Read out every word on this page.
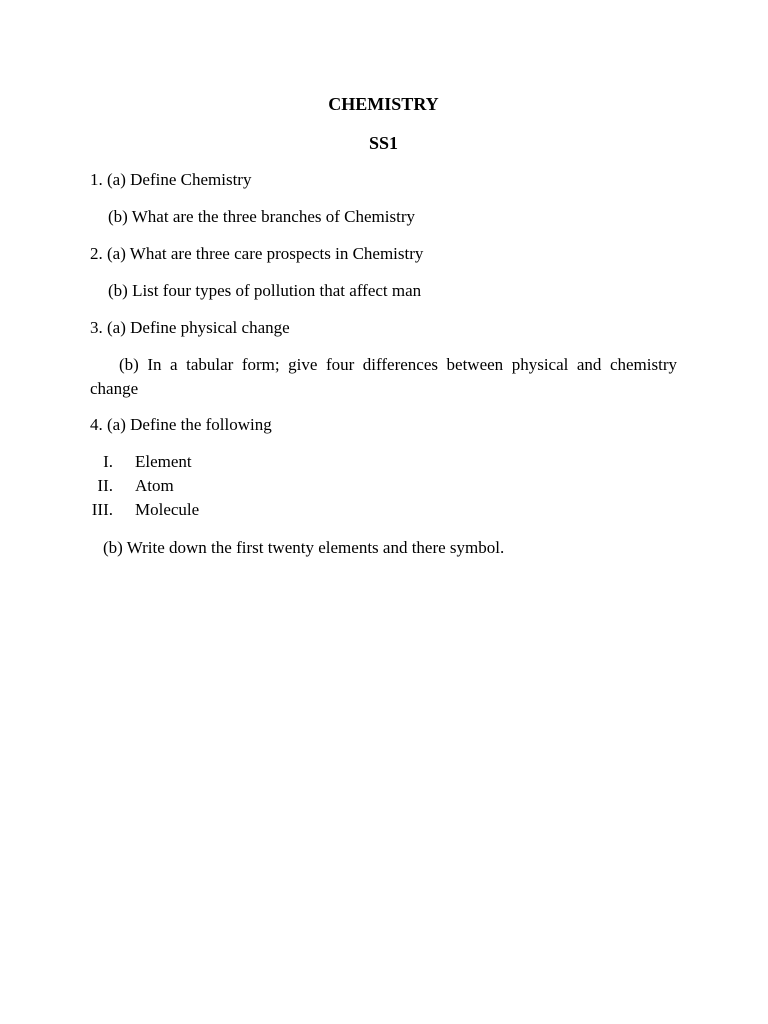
CHEMISTRY
SS1
1. (a) Define Chemistry
(b) What are the three branches of Chemistry
2. (a) What are three care prospects in Chemistry
(b) List four types of pollution that affect man
3. (a) Define physical change
(b) In a tabular form; give four differences between physical and chemistry change
4. (a) Define the following
I. Element
II. Atom
III. Molecule
(b) Write down the first twenty elements and there symbol.
